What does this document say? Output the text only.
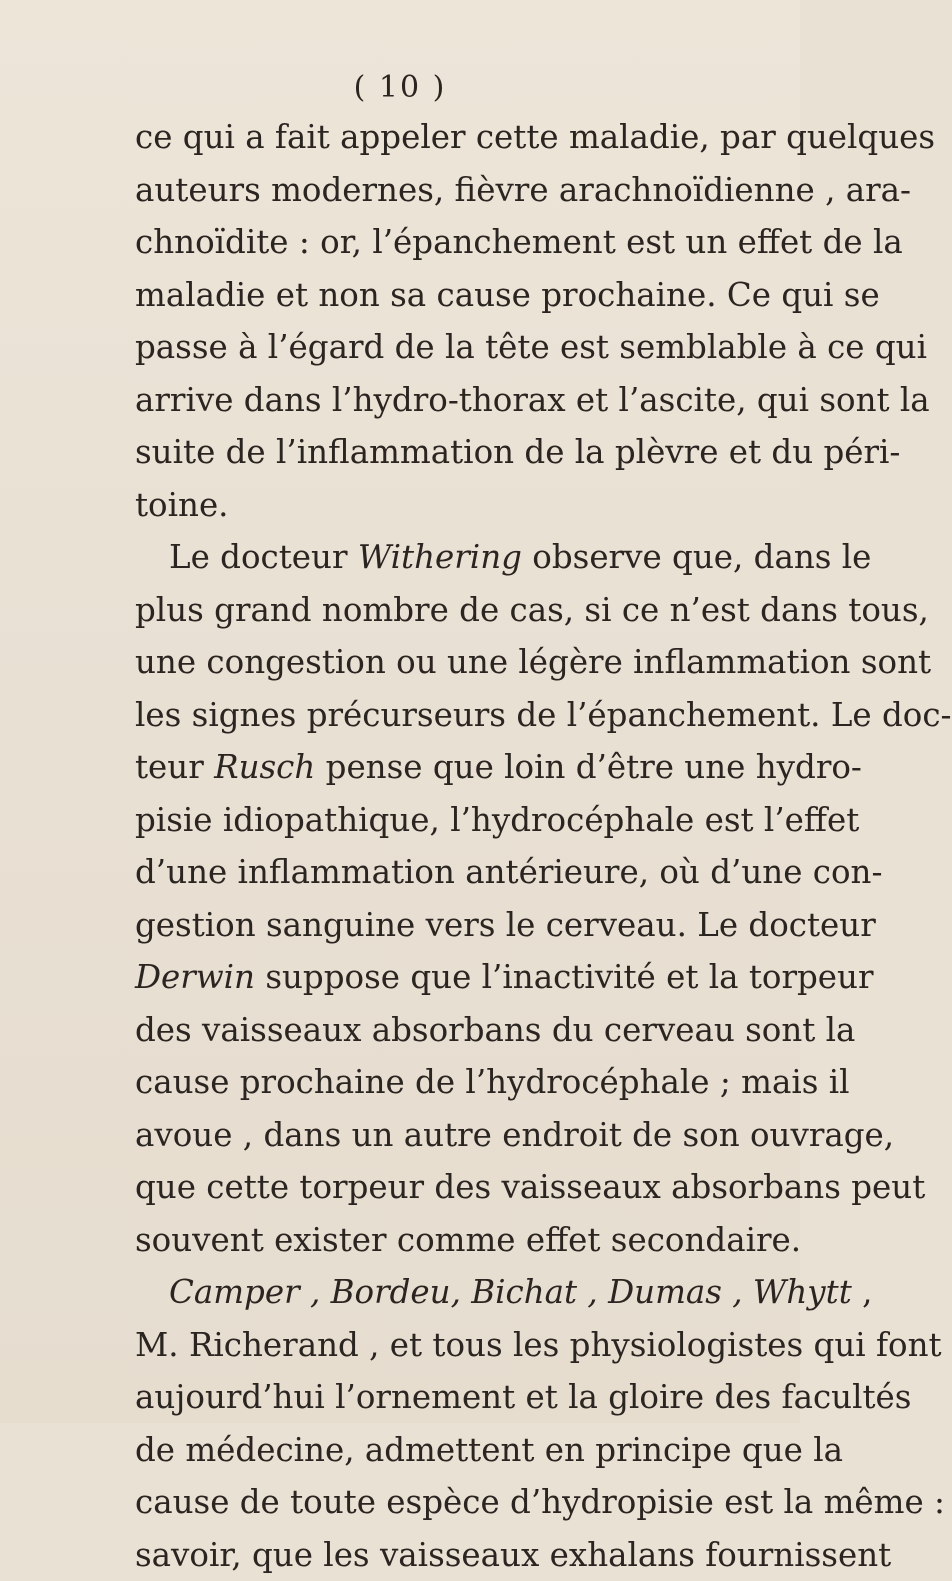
( 10 )
ce qui a fait appeler cette maladie, par quelques
auteurs modernes, fièvre arachnoïdienne , ara-
chnoïdite : or, l’épanchement est un effet de la
maladie et non sa cause prochaine. Ce qui se
passe à l’égard de la tête est semblable à ce qui
arrive dans l’hydro-thorax et l’ascite, qui sont la
suite de l’inflammation de la plèvre et du péri-
toine.
Le docteur Withering observe que, dans le
plus grand nombre de cas, si ce n’est dans tous,
une congestion ou une légère inflammation sont
les signes précurseurs de l’épanchement. Le doc-
teur Rusch pense que loin d’être une hydro-
pisie idiopathique, l’hydrocéphale est l’effet
d’une inflammation antérieure, où d’une con-
gestion sanguine vers le cerveau. Le docteur
Derwin suppose que l’inactivité et la torpeur
des vaisseaux absorbans du cerveau sont la
cause prochaine de l’hydrocéphale ; mais il
avoue , dans un autre endroit de son ouvrage,
que cette torpeur des vaisseaux absorbans peut
souvent exister comme effet secondaire.
Camper , Bordeu, Bichat , Dumas , Whytt ,
M. Richerand , et tous les physiologistes qui font
aujourd’hui l’ornement et la gloire des facultés
de médecine, admettent en principe que la
cause de toute espèce d’hydropisie est la même :
savoir, que les vaisseaux exhalans fournissent
